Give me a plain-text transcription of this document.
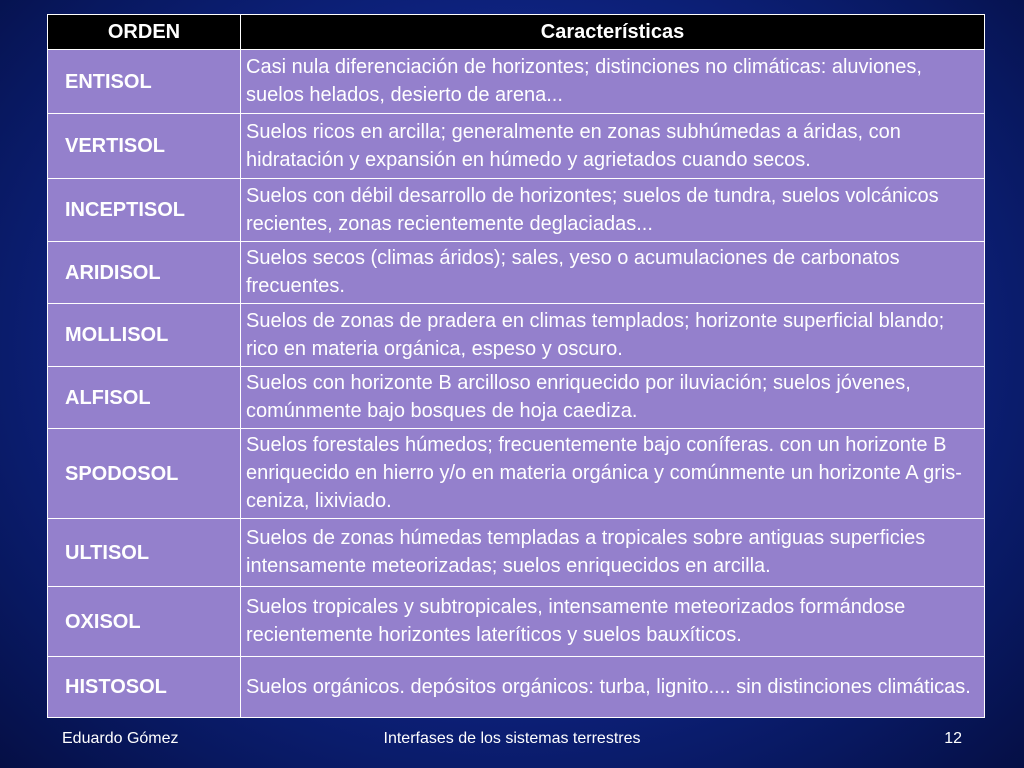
ORDEN	Características
ENTISOL	Casi nula diferenciación de horizontes; distinciones no climáticas: aluviones, suelos helados, desierto de arena...
VERTISOL	Suelos ricos en arcilla; generalmente en zonas subhúmedas a áridas, con hidratación y expansión en húmedo y agrietados cuando secos.
INCEPTISOL	Suelos con débil desarrollo de horizontes; suelos de tundra, suelos volcánicos recientes, zonas recientemente deglaciadas...
ARIDISOL	Suelos secos (climas áridos); sales, yeso o acumulaciones de carbonatos frecuentes.
MOLLISOL	Suelos de zonas de pradera en climas templados; horizonte superficial blando; rico en materia orgánica, espeso y oscuro.
ALFISOL	Suelos con horizonte B arcilloso enriquecido por iluviación; suelos jóvenes, comúnmente bajo bosques de hoja caediza.
SPODOSOL	Suelos forestales húmedos; frecuentemente bajo coníferas. con un horizonte B enriquecido en hierro y/o en materia orgánica y comúnmente un horizonte A gris-ceniza, lixiviado.
ULTISOL	Suelos de zonas húmedas templadas a tropicales sobre antiguas superficies intensamente meteorizadas; suelos enriquecidos en arcilla.
OXISOL	Suelos tropicales y subtropicales, intensamente meteorizados formándose recientemente horizontes lateríticos y suelos bauxíticos.
HISTOSOL	Suelos orgánicos. depósitos orgánicos: turba, lignito.... sin distinciones climáticas.
Eduardo Gómez	Interfases de los sistemas terrestres	12
